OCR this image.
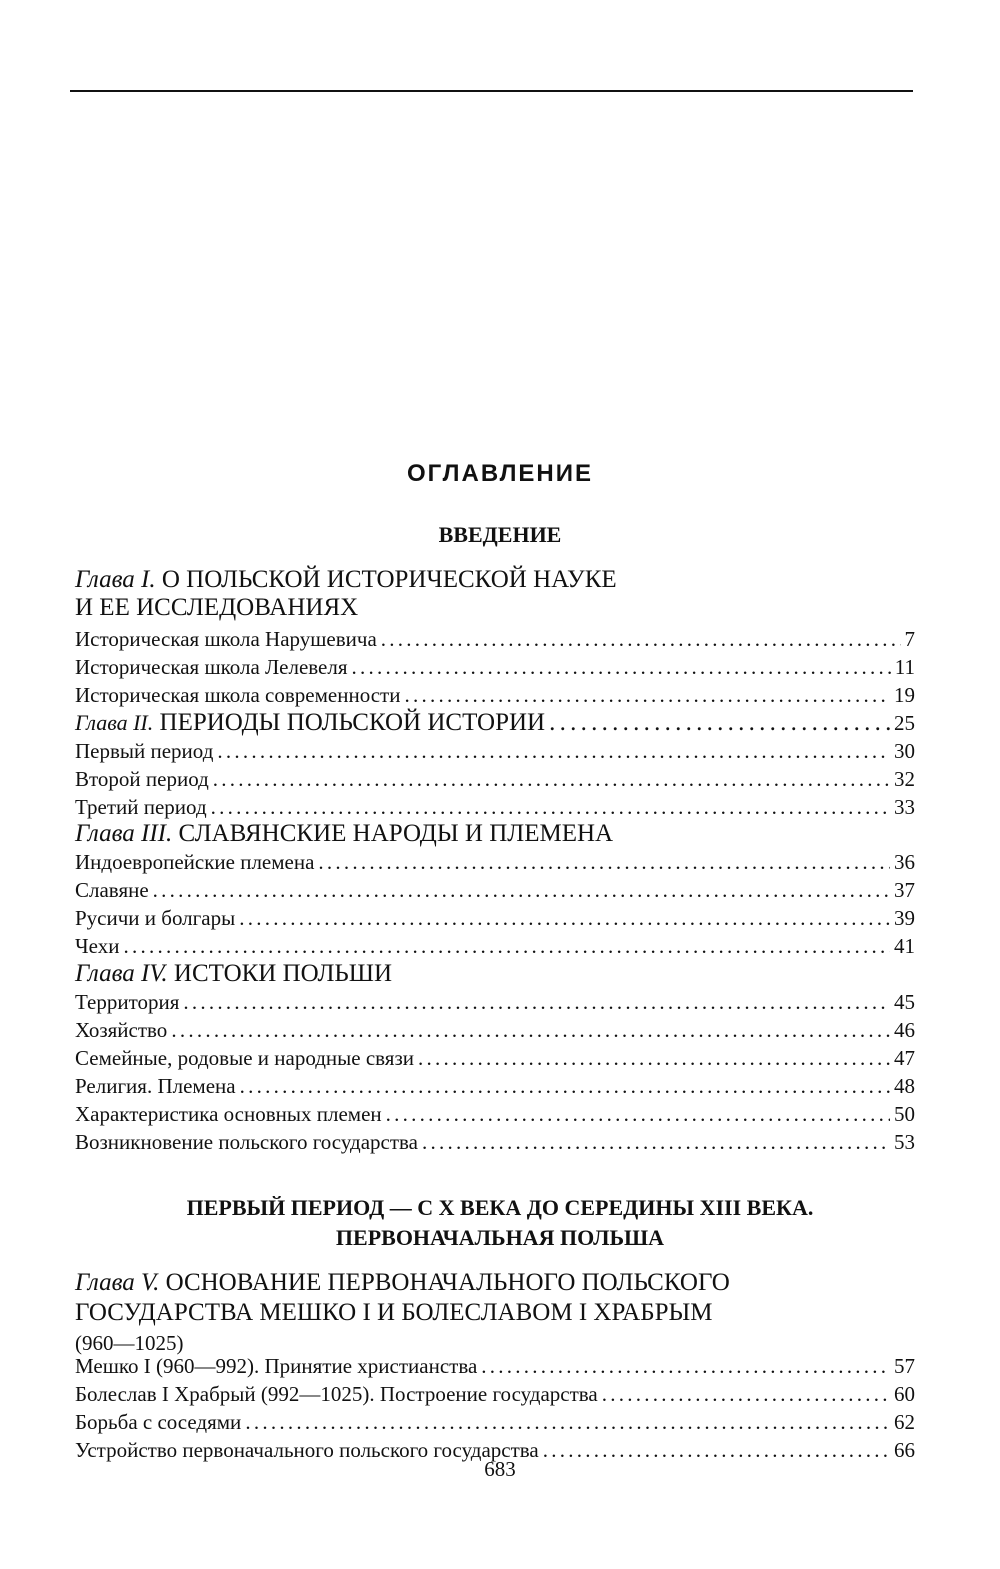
ОГЛАВЛЕНИЕ
ВВЕДЕНИЕ
Глава I. О ПОЛЬСКОЙ ИСТОРИЧЕСКОЙ НАУКЕ
И ЕЕ ИССЛЕДОВАНИЯХ
Историческая школа Нарушевича . . .	7
Историческая школа Лелевеля . . .	11
Историческая школа современности . . .	19
Глава II. ПЕРИОДЫ ПОЛЬСКОЙ ИСТОРИИ . . .	25
Первый период . . .	30
Второй период . . .	32
Третий период . . .	33
Глава III. СЛАВЯНСКИЕ НАРОДЫ И ПЛЕМЕНА
Индоевропейские племена . . .	36
Славяне . . .	37
Русичи и болгары . . .	39
Чехи . . .	41
Глава IV. ИСТОКИ ПОЛЬШИ
Территория . . .	45
Хозяйство . . .	46
Семейные, родовые и народные связи . . .	47
Религия. Племена . . .	48
Характеристика основных племен . . .	50
Возникновение польского государства . . .	53
ПЕРВЫЙ ПЕРИОД — С X ВЕКА ДО СЕРЕДИНЫ XIII ВЕКА.
ПЕРВОНАЧАЛЬНАЯ ПОЛЬША
Глава V. ОСНОВАНИЕ ПЕРВОНАЧАЛЬНОГО ПОЛЬСКОГО
ГОСУДАРСТВА МЕШКО I И БОЛЕСЛАВОМ I ХРАБРЫМ
(960—1025)
Мешко I (960—992). Принятие христианства . . .	57
Болеслав I Храбрый (992—1025). Построение государства . . .	60
Борьба с соседями . . .	62
Устройство первоначального польского государства . . .	66
683
